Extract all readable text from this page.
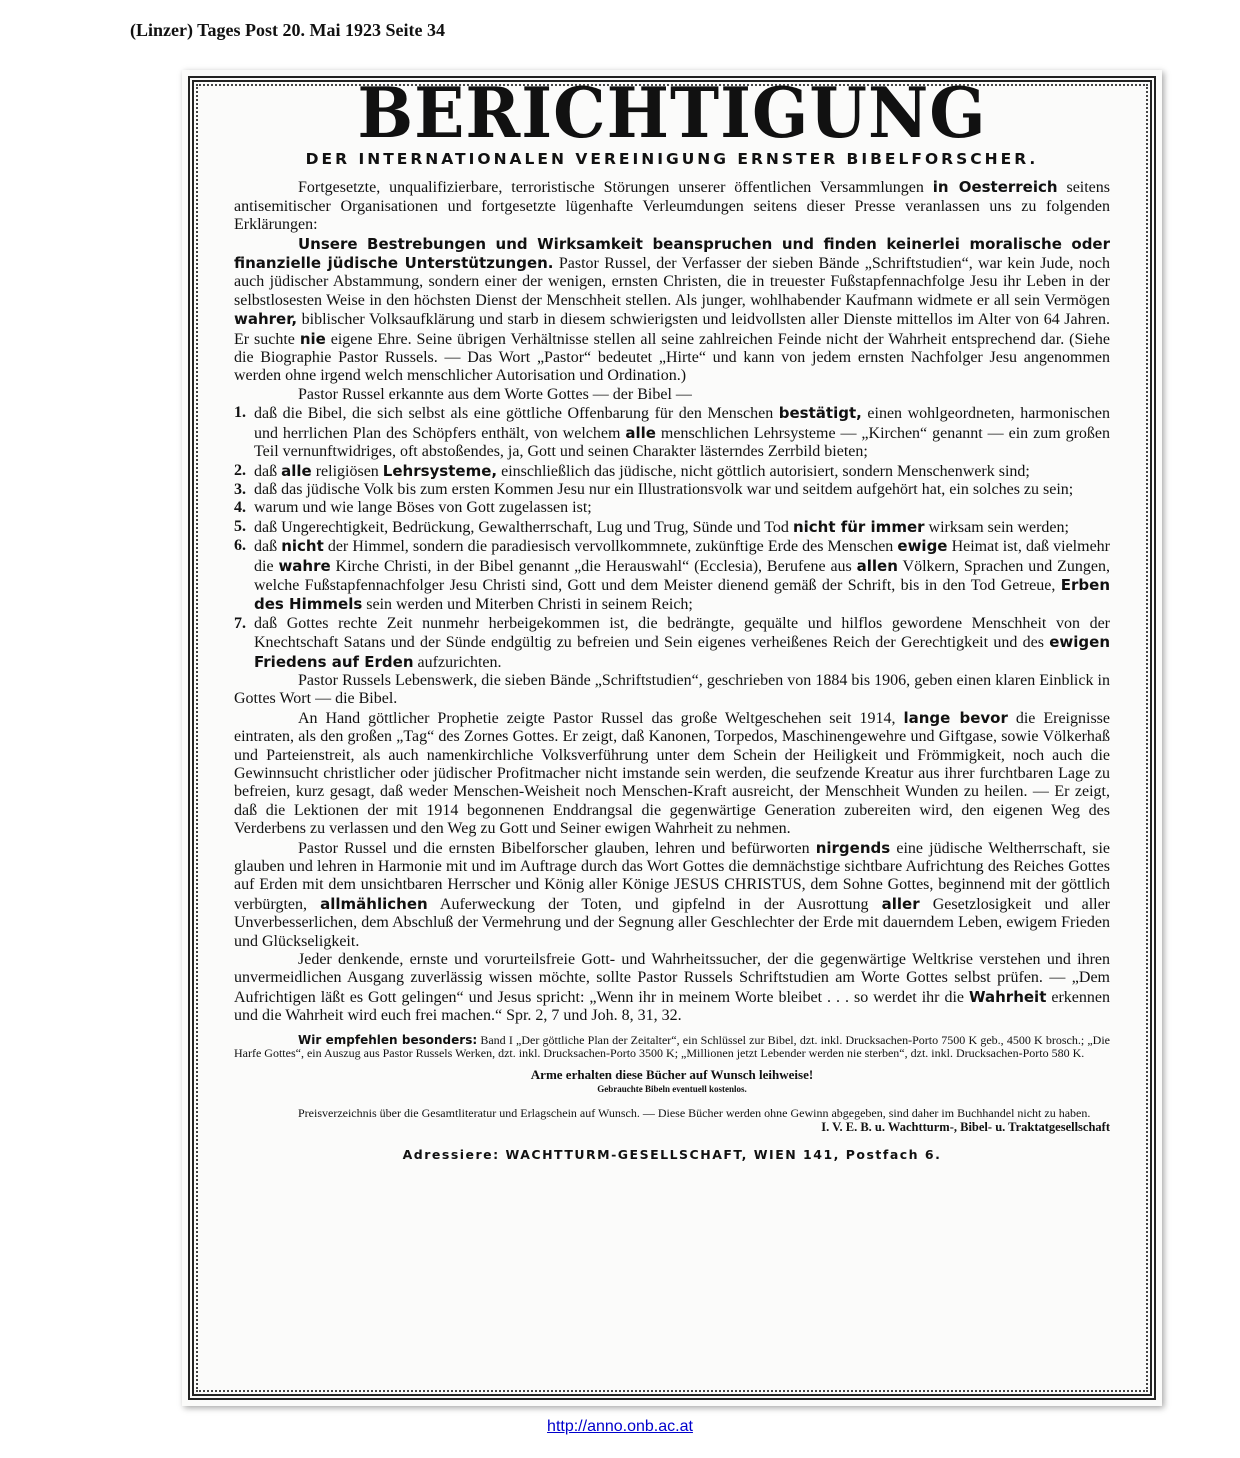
(Linzer) Tages Post 20. Mai 1923 Seite 34
BERICHTIGUNG
DER INTERNATIONALEN VEREINIGUNG ERNSTER BIBELFORSCHER.

Fortgesetzte, unqualifizierbare, terroristische Störungen unserer öffentlichen Versammlungen in Oesterreich seitens antisemitischer Organisationen und fortgesetzte lügenhafte Verleumdungen seitens dieser Presse veranlassen uns zu folgenden Erklärungen:

Unsere Bestrebungen und Wirksamkeit beanspruchen und finden keinerlei moralische oder finanzielle jüdische Unterstützungen. Pastor Russel, der Verfasser der sieben Bände „Schriftstudien“, war kein Jude, noch auch jüdischer Abstammung, sondern einer der wenigen, ernsten Christen, die in treuester Fußstapfennachfolge Jesu ihr Leben in der selbstlosesten Weise in den höchsten Dienst der Menschheit stellen. Als junger, wohlhabender Kaufmann widmete er all sein Vermögen wahrer, biblischer Volksaufklärung und starb in diesem schwierigsten und leidvollsten aller Dienste mittellos im Alter von 64 Jahren. Er suchte nie eigene Ehre. Seine übrigen Verhältnisse stellen all seine zahlreichen Feinde nicht der Wahrheit entsprechend dar. (Siehe die Biographie Pastor Russels. — Das Wort „Pastor“ bedeutet „Hirte“ und kann von jedem ernsten Nachfolger Jesu angenommen werden ohne irgend welch menschlicher Autorisation und Ordination.)

Pastor Russel erkannte aus dem Worte Gottes — der Bibel —

1. daß die Bibel, die sich selbst als eine göttliche Offenbarung für den Menschen bestätigt, einen wohlgeordneten, harmonischen und herrlichen Plan des Schöpfers enthält, von welchem alle menschlichen Lehrsysteme — „Kirchen“ genannt — ein zum großen Teil vernunftwidriges, oft abstoßendes, ja, Gott und seinen Charakter lästerndes Zerrbild bieten;
2. daß alle religiösen Lehrsysteme, einschließlich das jüdische, nicht göttlich autorisiert, sondern Menschenwerk sind;
3. daß das jüdische Volk bis zum ersten Kommen Jesu nur ein Illustrationsvolk war und seitdem aufgehört hat, ein solches zu sein;
4. warum und wie lange Böses von Gott zugelassen ist;
5. daß Ungerechtigkeit, Bedrückung, Gewaltherrschaft, Lug und Trug, Sünde und Tod nicht für immer wirksam sein werden;
6. daß nicht der Himmel, sondern die paradiesisch vervollkommnete, zukünftige Erde des Menschen ewige Heimat ist, daß vielmehr die wahre Kirche Christi, in der Bibel genannt „die Herauswahl“ (Ecclesia), Berufene aus allen Völkern, Sprachen und Zungen, welche Fußstapfennachfolger Jesu Christi sind, Gott und dem Meister dienend gemäß der Schrift, bis in den Tod Getreue, Erben des Himmels sein werden und Miterben Christi in seinem Reich;
7. daß Gottes rechte Zeit nunmehr herbeigekommen ist, die bedrängte, gequälte und hilflos gewordene Menschheit von der Knechtschaft Satans und der Sünde endgültig zu befreien und Sein eigenes verheißenes Reich der Gerechtigkeit und des ewigen Friedens auf Erden aufzurichten.

Pastor Russels Lebenswerk, die sieben Bände „Schriftstudien“, geschrieben von 1884 bis 1906, geben einen klaren Einblick in Gottes Wort — die Bibel.

An Hand göttlicher Prophetie zeigte Pastor Russel das große Weltgeschehen seit 1914, lange bevor die Ereignisse eintraten, als den großen „Tag“ des Zornes Gottes. Er zeigt, daß Kanonen, Torpedos, Maschinengewehre und Giftgase, sowie Völkerhaß und Parteienstreit, als auch namenkirchliche Volksverführung unter dem Schein der Heiligkeit und Frömmigkeit, noch auch die Gewinnsucht christlicher oder jüdischer Profitmacher nicht imstande sein werden, die seufzende Kreatur aus ihrer furchtbaren Lage zu befreien, kurz gesagt, daß weder Menschen-Weisheit noch Menschen-Kraft ausreicht, der Menschheit Wunden zu heilen. — Er zeigt, daß die Lektionen der mit 1914 begonnenen Enddrangsal die gegenwärtige Generation zubereiten wird, den eigenen Weg des Verderbens zu verlassen und den Weg zu Gott und Seiner ewigen Wahrheit zu nehmen.

Pastor Russel und die ernsten Bibelforscher glauben, lehren und befürworten nirgends eine jüdische Weltherrschaft, sie glauben und lehren in Harmonie mit und im Auftrage durch das Wort Gottes die demnächstige sichtbare Aufrichtung des Reiches Gottes auf Erden mit dem unsichtbaren Herrscher und König aller Könige JESUS CHRISTUS, dem Sohne Gottes, beginnend mit der göttlich verbürgten, allmählichen Auferweckung der Toten, und gipfelnd in der Ausrottung aller Gesetzlosigkeit und aller Unverbesserlichen, dem Abschluß der Vermehrung und der Segnung aller Geschlechter der Erde mit dauerndem Leben, ewigem Frieden und Glückseligkeit.

Jeder denkende, ernste und vorurteilsfreie Gott- und Wahrheitssucher, der die gegenwärtige Weltkrise verstehen und ihren unvermeidlichen Ausgang zuverlässig wissen möchte, sollte Pastor Russels Schriftstudien am Worte Gottes selbst prüfen. — „Dem Aufrichtigen läßt es Gott gelingen“ und Jesus spricht: „Wenn ihr in meinem Worte bleibet . . . so werdet ihr die Wahrheit erkennen und die Wahrheit wird euch frei machen.“ Spr. 2, 7 und Joh. 8, 31, 32.

Wir empfehlen besonders: Band I „Der göttliche Plan der Zeitalter“, ein Schlüssel zur Bibel, dzt. inkl. Drucksachen-Porto 7500 K geb., 4500 K brosch.; „Die Harfe Gottes“, ein Auszug aus Pastor Russels Werken, dzt. inkl. Drucksachen-Porto 3500 K; „Millionen jetzt Lebender werden nie sterben“, dzt. inkl. Drucksachen-Porto 580 K.

Arme erhalten diese Bücher auf Wunsch leihweise!

Gebrauchte Bibeln eventuell kostenlos.

Preisverzeichnis über die Gesamtliteratur und Erlagschein auf Wunsch. — Diese Bücher werden ohne Gewinn abgegeben, sind daher im Buchhandel nicht zu haben.

I. V. E. B. u. Wachtturm-, Bibel- u. Traktatgesellschaft

Adressiere: WACHTTURM-GESELLSCHAFT, WIEN 141, Postfach 6.

http://anno.onb.ac.at
